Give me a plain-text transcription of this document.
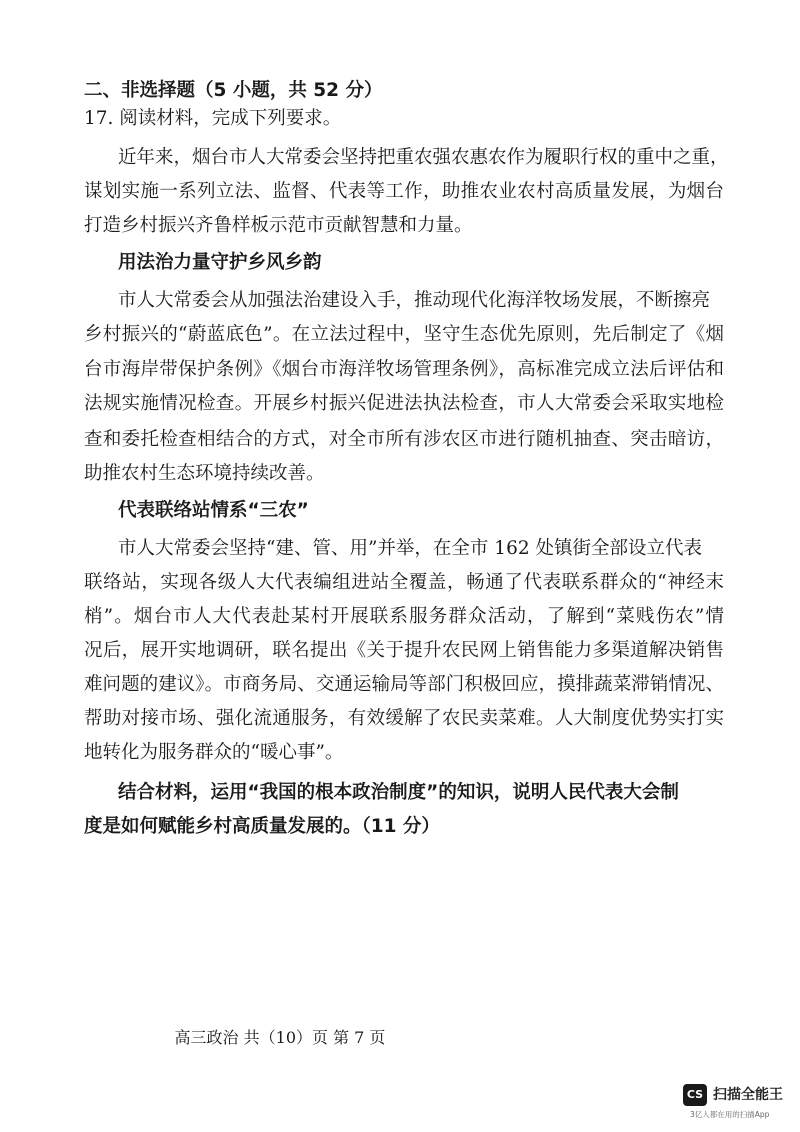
二、非选择题（5 小题，共 52 分）
17. 阅读材料，完成下列要求。
近年来，烟台市人大常委会坚持把重农强农惠农作为履职行权的重中之重，
谋划实施一系列立法、监督、代表等工作，助推农业农村高质量发展，为烟台
打造乡村振兴齐鲁样板示范市贡献智慧和力量。
用法治力量守护乡风乡韵
市人大常委会从加强法治建设入手，推动现代化海洋牧场发展，不断擦亮
乡村振兴的“蔚蓝底色”。在立法过程中，坚守生态优先原则，先后制定了《烟
台市海岸带保护条例》《烟台市海洋牧场管理条例》，高标准完成立法后评估和
法规实施情况检查。开展乡村振兴促进法执法检查，市人大常委会采取实地检
查和委托检查相结合的方式，对全市所有涉农区市进行随机抽查、突击暗访，
助推农村生态环境持续改善。
代表联络站情系“三农”
市人大常委会坚持“建、管、用”并举，在全市 162 处镇街全部设立代表
联络站，实现各级人大代表编组进站全覆盖，畅通了代表联系群众的“神经末
梢”。烟台市人大代表赴某村开展联系服务群众活动，了解到“菜贱伤农”情
况后，展开实地调研，联名提出《关于提升农民网上销售能力多渠道解决销售
难问题的建议》。市商务局、交通运输局等部门积极回应，摸排蔬菜滞销情况、
帮助对接市场、强化流通服务，有效缓解了农民卖菜难。人大制度优势实打实
地转化为服务群众的“暖心事”。
结合材料，运用“我国的根本政治制度”的知识，说明人民代表大会制
度是如何赋能乡村高质量发展的。（11 分）
高三政治 共（10）页 第 7 页
CS 扫描全能王
3亿人都在用的扫描App
